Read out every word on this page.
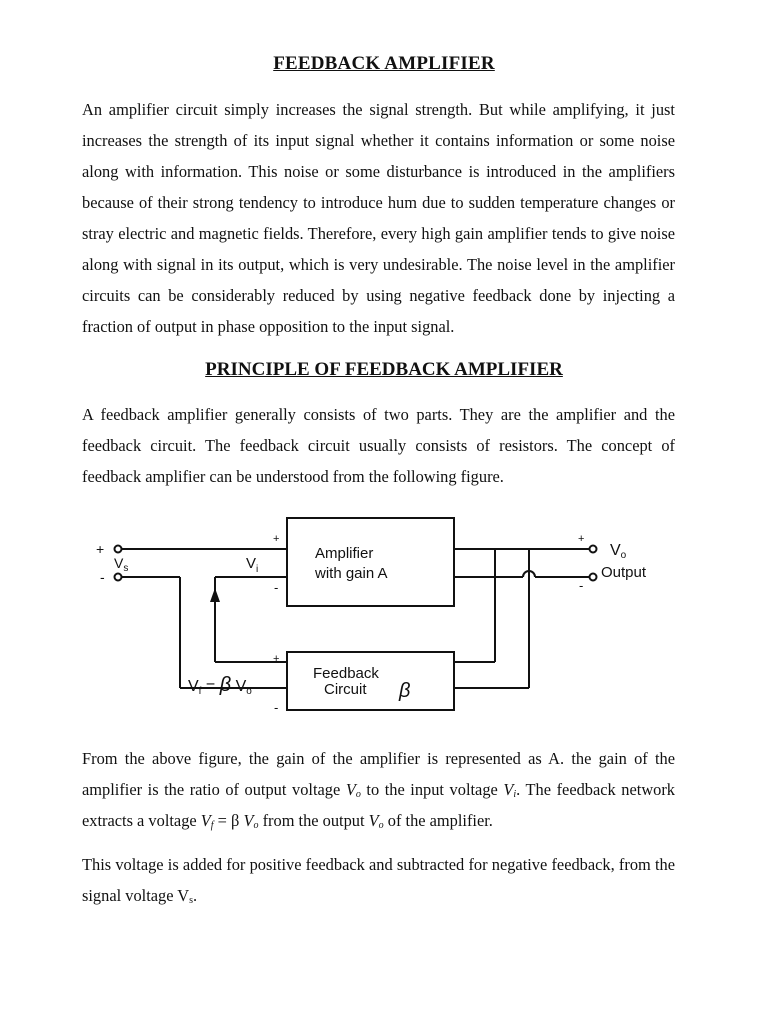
FEEDBACK AMPLIFIER

An amplifier circuit simply increases the signal strength. But while amplifying, it just increases the strength of its input signal whether it contains information or some noise along with information. This noise or some disturbance is introduced in the amplifiers because of their strong tendency to introduce hum due to sudden temperature changes or stray electric and magnetic fields. Therefore, every high gain amplifier tends to give noise along with signal in its output, which is very undesirable. The noise level in the amplifier circuits can be considerably reduced by using negative feedback done by injecting a fraction of output in phase opposition to the input signal.

PRINCIPLE OF FEEDBACK AMPLIFIER

A feedback amplifier generally consists of two parts. They are the amplifier and the feedback circuit. The feedback circuit usually consists of resistors. The concept of feedback amplifier can be understood from the following figure.

+
-
+
-
+
-
+
-
$V_s$	$V_i$
Vo
Output
Amplifier
with gain A
Feedback
Circuit β
Vf = β Vo

From the above figure, the gain of the amplifier is represented as A. the gain of the amplifier is the ratio of output voltage $V_o$ to the input voltage $V_i$. The feedback network extracts a voltage $V_f = \beta$ $V_o$ from the output $V_o$ of the amplifier.

This voltage is added for positive feedback and subtracted for negative feedback, from the signal voltage $V_s$.
